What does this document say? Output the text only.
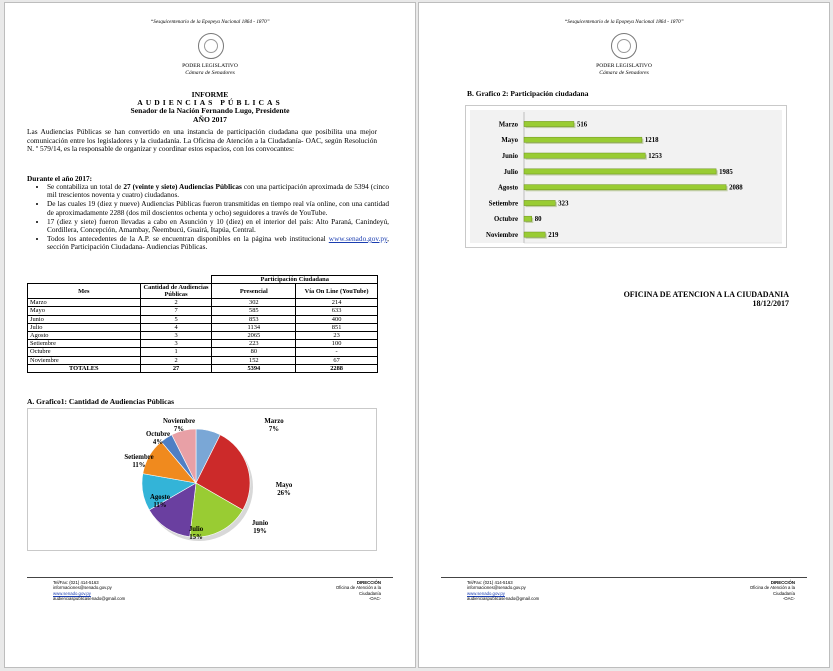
“Sesquicentenario de la Epopeya Nacional 1864 - 1870”
PODER LEGISLATIVO
Cámara de Senadores
INFORME
AUDIENCIAS PÚBLICAS
Senador de la Nación Fernando Lugo, Presidente
AÑO 2017

Las Audiencias Públicas se han convertido en una instancia de participación ciudadana que posibilita una mejor comunicación entre los legisladores y la ciudadanía. La Oficina de Atención a la Ciudadanía- OAC, según Resolución N. º 579/14, es la responsable de organizar y coordinar estos espacios, con los convocantes:

Durante el año 2017:

• Se contabiliza un total de 27 (veinte y siete) Audiencias Públicas con una participación aproximada de 5394 (cinco mil trescientos noventa y cuatro) ciudadanos.
• De las cuales 19 (diez y nueve) Audiencias Públicas fueron transmitidas en tiempo real vía online, con una cantidad de aproximadamente 2288 (dos mil doscientos ochenta y ocho) seguidores a través de YouTube.
• 17 (diez y siete) fueron llevadas a cabo en Asunción y 10 (diez) en el interior del país: Alto Paraná, Canindeyú, Cordillera, Concepción, Amambay, Ñeembucú, Guairá, Itapúa, Central.
• Todos los antecedentes de la A.P. se encuentran disponibles en la página web institucional www.senado.gov.py, sección Participación Ciudadana- Audiencias Públicas.
		Participación Ciudadana	
Mes	Cantidad de Audiencias Públicas	Presencial	Vía On Line (YouTube)
Marzo	2	302	214
Mayo	7	585	633
Junio	5	853	400
Julio	4	1134	851
Agosto	3	2065	23
Setiembre	3	223	100
Octubre	1	80	-
Noviembre	2	152	67
TOTALES	27	5394	2288
A. Grafico1: Cantidad de Audiencias Públicas
Marzo
7%
Mayo
26%
Junio
19%
Julio
15%
Agosto
11%
Setiembre
11%
Octubre
4%
Noviembre
7%
Tel/Fax: (021) 414-5163
informaciones@senado.gov.py
www.senado.gov.py
audienciaspublicasenado@gmail.com
DIRECCIÓN
Oficina de Atención a la
Ciudadanía
-OAC-
“Sesquicentenario de la Epopeya Nacional 1864 - 1870”
PODER LEGISLATIVO
Cámara de Senadores
B. Grafico 2: Participación ciudadana
Marzo	516
Mayo	1218
Junio	1253
Julio	1985
Agosto	2088
Setiembre	323
Octubre 80
Noviembre	219
OFICINA DE ATENCION A LA CIUDADANIA
18/12/2017
Tel/Fax: (021) 414-5163
informaciones@senado.gov.py
www.senado.gov.py
audienciaspublicasenado@gmail.com
DIRECCIÓN
Oficina de Atención a la
Ciudadanía
-OAC-
